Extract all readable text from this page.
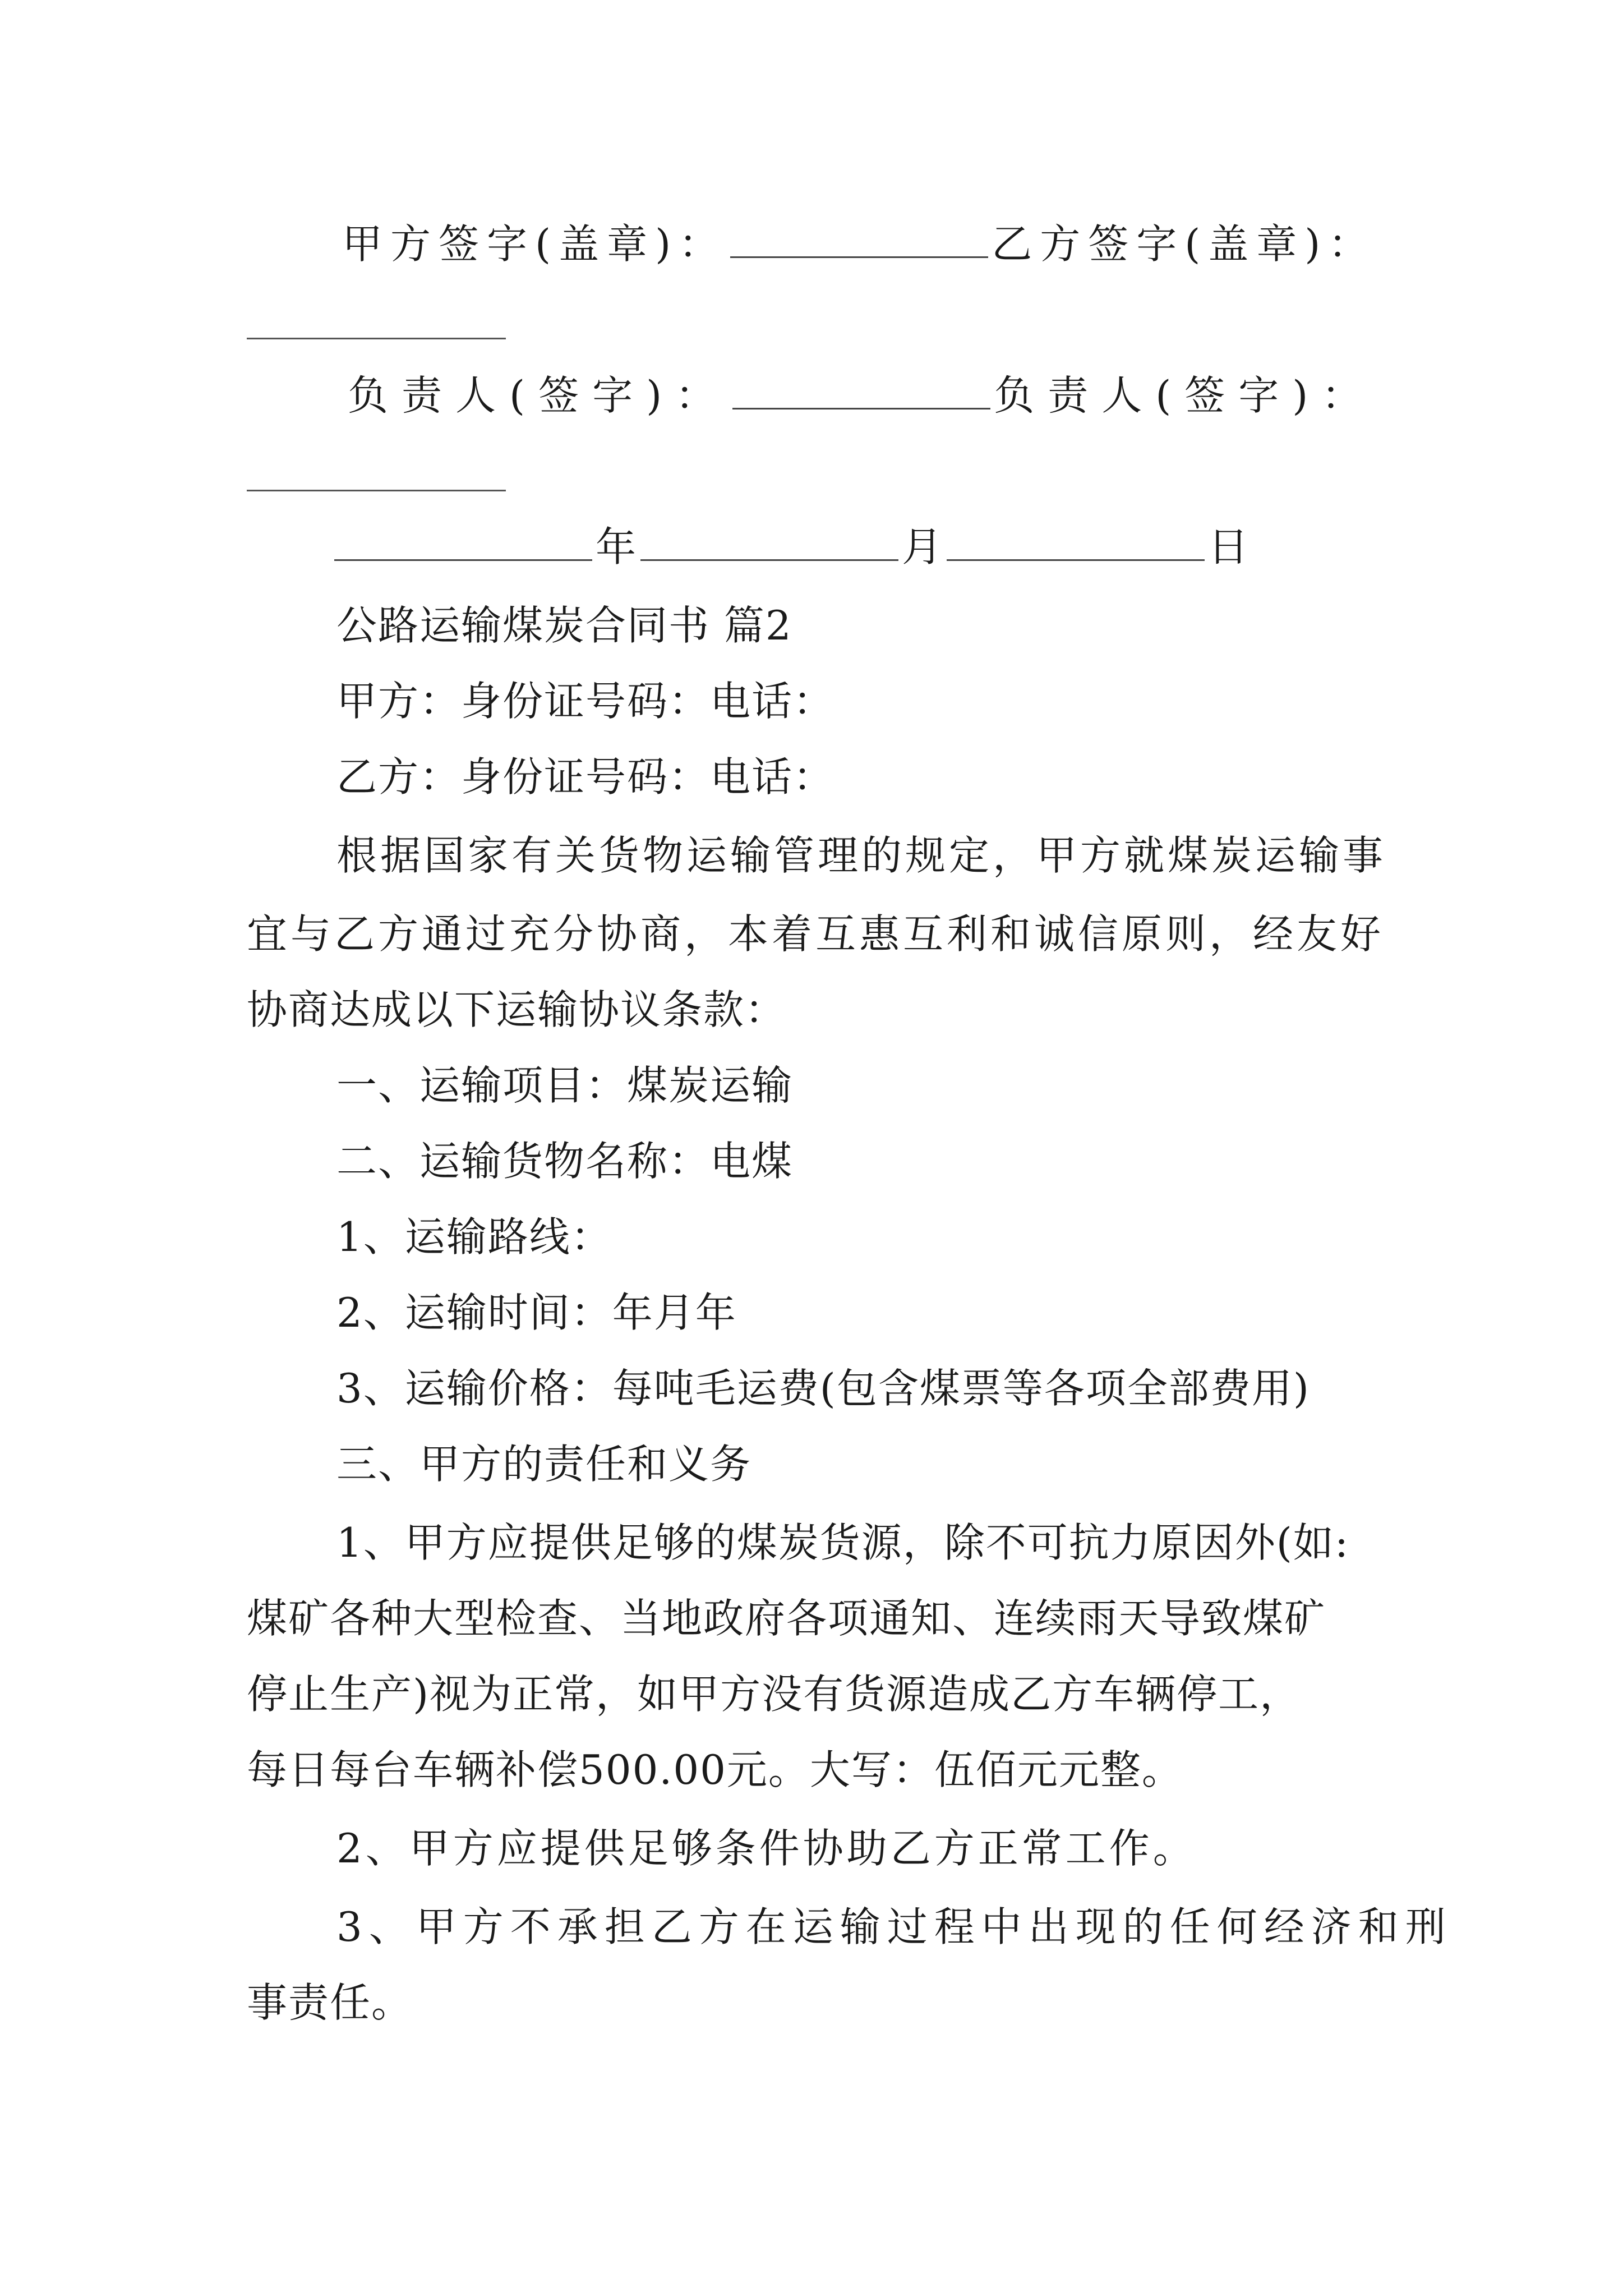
甲方签字(盖章)：	乙方签字(盖章)：
负责人(签字)：	负责人(签字)：
年	月	日
公路运输煤炭合同书 篇2
甲方：身份证号码：电话：
乙方：身份证号码：电话：
根据国家有关货物运输管理的规定，甲方就煤炭运输事
宜与乙方通过充分协商，本着互惠互利和诚信原则，经友好
协商达成以下运输协议条款：
一、运输项目：煤炭运输
二、运输货物名称：电煤
1、运输路线：
2、运输时间：年月年
3、运输价格：每吨毛运费(包含煤票等各项全部费用)
三、甲方的责任和义务
1、甲方应提供足够的煤炭货源，除不可抗力原因外(如:
煤矿各种大型检查、当地政府各项通知、连续雨天导致煤矿
停止生产)视为正常，如甲方没有货源造成乙方车辆停工，
每日每台车辆补偿500.00元。大写：伍佰元元整。
2、甲方应提供足够条件协助乙方正常工作。
3、甲方不承担乙方在运输过程中出现的任何经济和刑
事责任。
